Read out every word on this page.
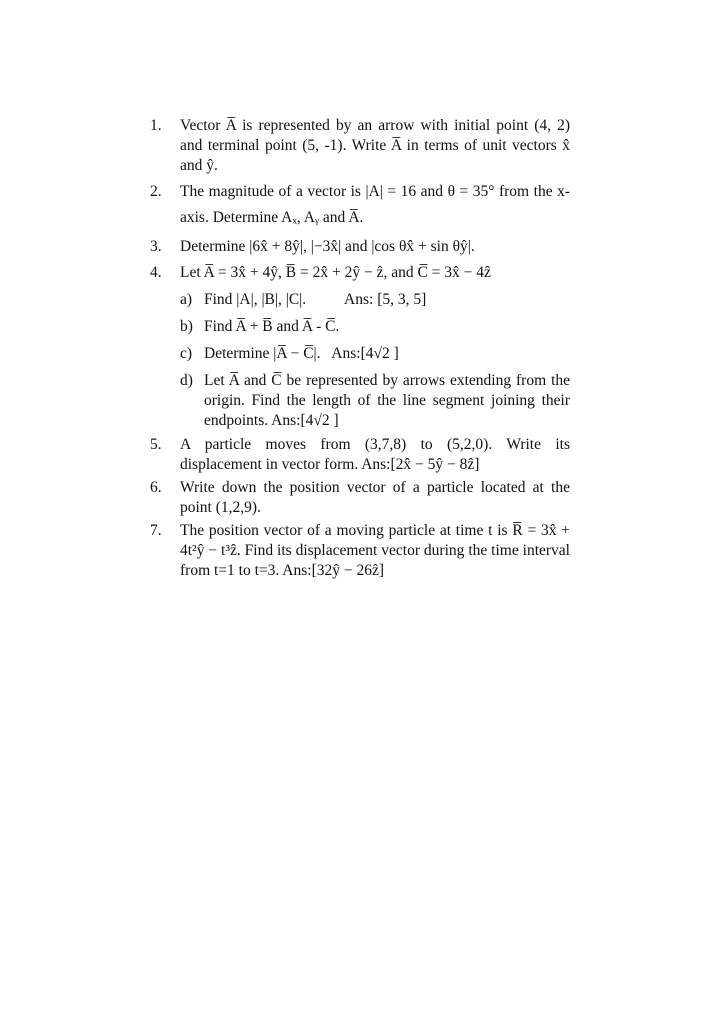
1.	Vector A̅ is represented by an arrow with initial point (4, 2) and terminal point (5, -1). Write A̅ in terms of unit vectors x̂ and ŷ.
2.	The magnitude of a vector is |A| = 16 and θ = 35° from the x-axis. Determine Aₓ, Aᵧ and A̅.
3.	Determine |6x̂ + 8ŷ|, |−3x̂| and |cos θx̂ + sin θŷ|.
4.	Let A̅ = 3x̂ + 4ŷ, B̅ = 2x̂ + 2ŷ − ẑ, and C̅ = 3x̂ − 4ẑ
a) Find |A|, |B|, |C|.          Ans: [5, 3, 5]
b) Find A̅ + B̅ and A̅ - C̅.
c) Determine |A̅ − C̅|.   Ans:[4√2 ]
d) Let A̅ and C̅ be represented by arrows extending from the origin. Find the length of the line segment joining their endpoints. Ans:[4√2 ]
5.	A particle moves from (3,7,8) to (5,2,0). Write its displacement in vector form. Ans:[2x̂ − 5ŷ − 8ẑ]
6.	Write down the position vector of a particle located at the point (1,2,9).
7.	The position vector of a moving particle at time t is R̅ = 3x̂ + 4t²ŷ − t³ẑ. Find its displacement vector during the time interval from t=1 to t=3. Ans:[32ŷ − 26ẑ]
